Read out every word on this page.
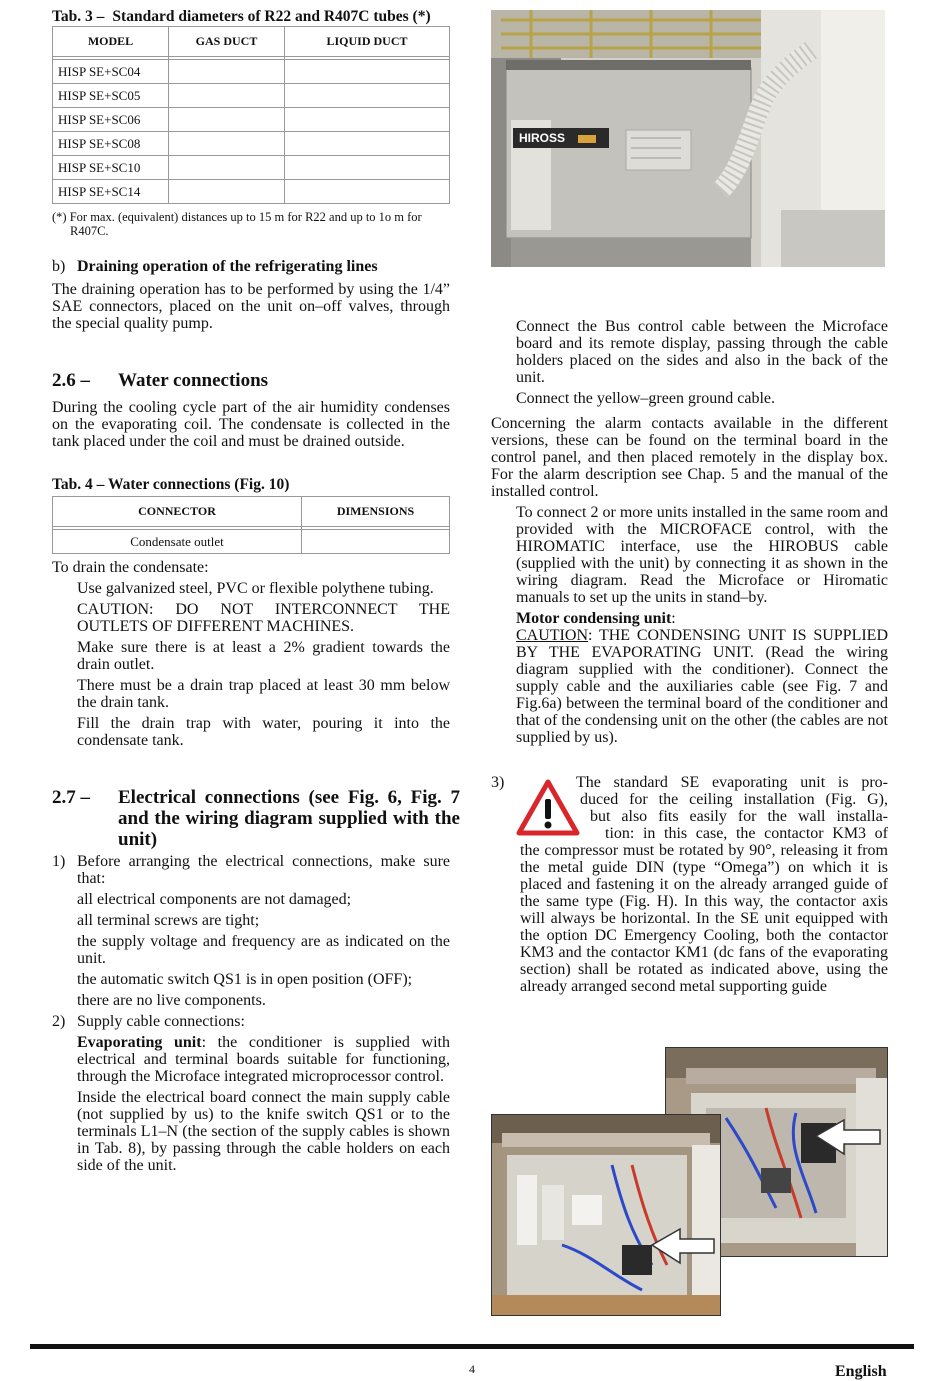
Tab. 3 – Standard diameters of R22 and R407C tubes (*)
MODEL	GAS DUCT	LIQUID DUCT

HISP SE+SC04		
HISP SE+SC05		
HISP SE+SC06		
HISP SE+SC08		
HISP SE+SC10		
HISP SE+SC14		

(*) For max. (equivalent) distances up to 15 m for R22 and up to 1o m for R407C.

b) Draining operation of the refrigerating lines

The draining operation has to be performed by using the 1/4” SAE connectors, placed on the unit on–off valves, through the special quality pump.

2.6 –	Water connections

During the cooling cycle part of the air humidity condenses on the evaporating coil. The condensate is collected in the tank placed under the coil and must be drained outside.

Tab. 4 – Water connections (Fig. 10)
CONNECTOR	DIMENSIONS

Condensate outlet	

To drain the condensate:

Use galvanized steel, PVC or flexible polythene tubing.

CAUTION: DO NOT INTERCONNECT THE OUTLETS OF DIFFERENT MACHINES.

Make sure there is at least a 2% gradient towards the drain outlet.

There must be a drain trap placed at least 30 mm below the drain tank.

Fill the drain trap with water, pouring it into the condensate tank.

2.7 –	Electrical connections (see Fig. 6, Fig. 7 and the wiring diagram supplied with the unit)
1) Before arranging the electrical connections, make sure that:

all electrical components are not damaged;

all terminal screws are tight;

the supply voltage and frequency are as indicated on the unit.

the automatic switch QS1 is in open position (OFF);

there are no live components.

2) Supply cable connections:

Evaporating unit: the conditioner is supplied with electrical and terminal boards suitable for functioning, through the Microface integrated microprocessor control.

Inside the electrical board connect the main supply cable (not supplied by us) to the knife switch QS1 or to the terminals L1–N (the section of the supply cables is shown in Tab. 8), by passing through the cable holders on each side of the unit.

HIROSS

Connect the Bus control cable between the Microface board and its remote display, passing through the cable holders placed on the sides and also in the back of the unit.

Connect the yellow–green ground cable.

Concerning the alarm contacts available in the different versions, these can be found on the terminal board in the control panel, and then placed remotely in the display box. For the alarm description see Chap. 5 and the manual of the installed control.

To connect 2 or more units installed in the same room and provided with the MICROFACE control, with the HIROMATIC interface, use the HIROBUS cable (supplied with the unit) by connecting it as shown in the wiring diagram. Read the Microface or Hiromatic manuals to set up the units in stand–by.

Motor condensing unit:

CAUTION: THE CONDENSING UNIT IS SUPPLIED BY THE EVAPORATING UNIT. (Read the wiring diagram supplied with the conditioner). Connect the supply cable and the auxiliaries cable (see Fig. 7 and Fig.6a) between the terminal board of the conditioner and that of the condensing unit on the other (the cables are not supplied by us).

3)	The standard SE evaporating unit is pro-

duced for the ceiling installation (Fig. G),

but also fits easily for the wall installa-

tion: in this case, the contactor KM3 of

the compressor must be rotated by 90°, releasing it from the metal guide DIN (type “Omega”) on which it is placed and fastening it on the already arranged guide of the same type (Fig. H). In this way, the contactor axis will always be horizontal. In the SE unit equipped with the option DC Emergency Cooling, both the contactor KM3 and the contactor KM1 (dc fans of the evaporating section) shall be rotated as indicated above, using the already arranged second metal supporting guide

4	English
